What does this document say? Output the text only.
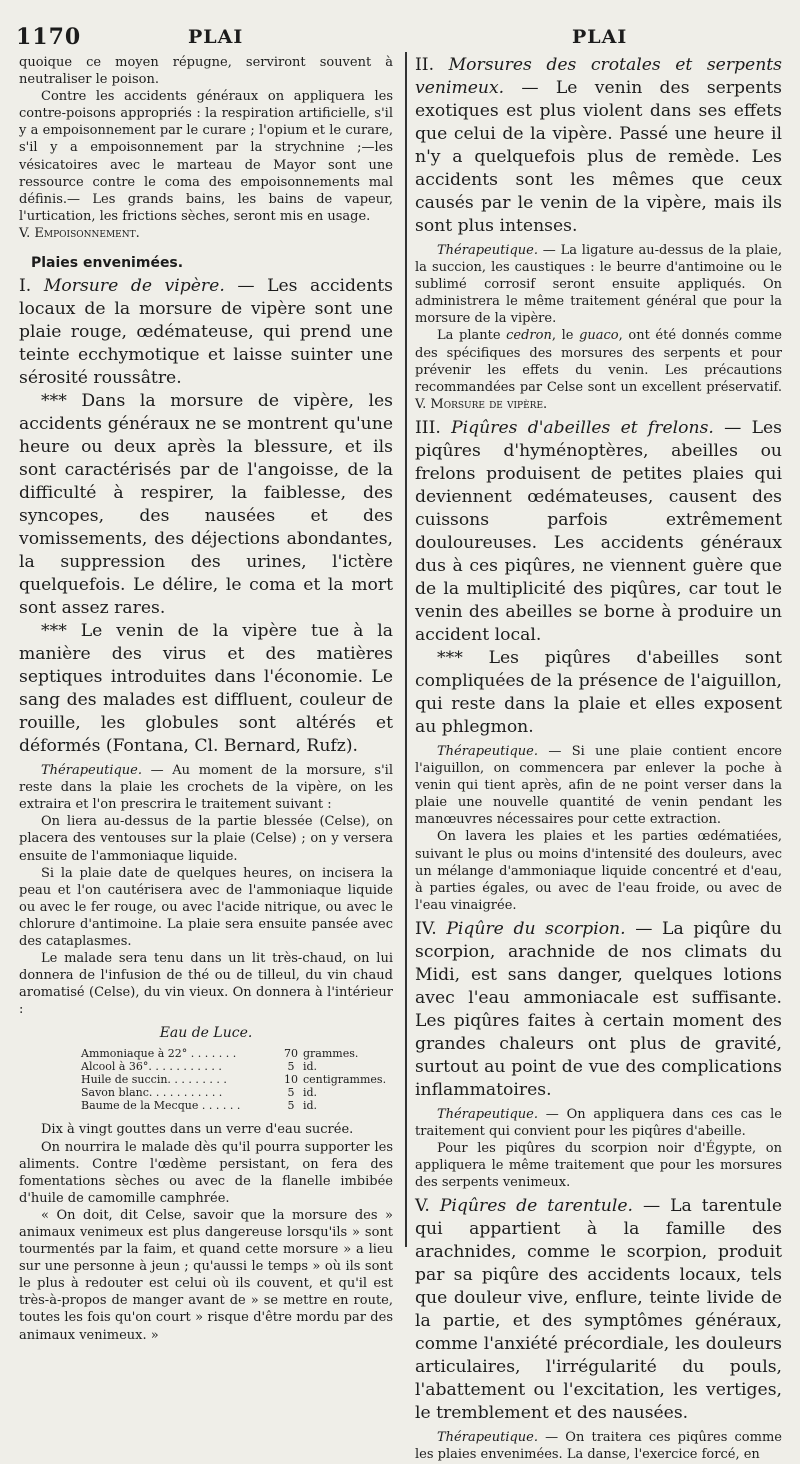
1170	PLAI	PLAI

quoique ce moyen répugne, serviront souvent à neutraliser le poison.

Contre les accidents généraux on appliquera les contre-poisons appropriés : la respiration artificielle, s'il y a empoisonnement par le curare ; l'opium et le curare, s'il y a empoisonnement par la strychnine ;—les vésicatoires avec le marteau de Mayor sont une ressource contre le coma des empoisonnements mal définis.— Les grands bains, les bains de vapeur, l'urtication, les frictions sèches, seront mis en usage.

V. Empoisonnement.

Plaies envenimées.

I. Morsure de vipère. — Les accidents locaux de la morsure de vipère sont une plaie rouge, œdémateuse, qui prend une teinte ecchymotique et laisse suinter une sérosité roussâtre.

*** Dans la morsure de vipère, les accidents généraux ne se montrent qu'une heure ou deux après la blessure, et ils sont caractérisés par de l'angoisse, de la difficulté à respirer, la faiblesse, des syncopes, des nausées et des vomissements, des déjections abondantes, la suppression des urines, l'ictère quelquefois. Le délire, le coma et la mort sont assez rares.

*** Le venin de la vipère tue à la manière des virus et des matières septiques introduites dans l'économie. Le sang des malades est diffluent, couleur de rouille, les globules sont altérés et déformés (Fontana, Cl. Bernard, Rufz).

Thérapeutique. — Au moment de la morsure, s'il reste dans la plaie les crochets de la vipère, on les extraira et l'on prescrira le traitement suivant :

On liera au-dessus de la partie blessée (Celse), on placera des ventouses sur la plaie (Celse) ; on y versera ensuite de l'ammoniaque liquide.

Si la plaie date de quelques heures, on incisera la peau et l'on cautérisera avec de l'ammoniaque liquide ou avec le fer rouge, ou avec l'acide nitrique, ou avec le chlorure d'antimoine. La plaie sera ensuite pansée avec des cataplasmes.

Le malade sera tenu dans un lit très-chaud, on lui donnera de l'infusion de thé ou de tilleul, du vin chaud aromatisé (Celse), du vin vieux. On donnera à l'intérieur :

Eau de Luce.
Ammoniaque à 22° . . . . . . .	70	grammes.
Alcool à 36°. . . . . . . . . . .	5	id.
Huile de succin. . . . . . . . .	10	centigrammes.
Savon blanc. . . . . . . . . . .	5	id.
Baume de la Mecque . . . . . .	5	id.

Dix à vingt gouttes dans un verre d'eau sucrée.

On nourrira le malade dès qu'il pourra supporter les aliments. Contre l'œdème persistant, on fera des fomentations sèches ou avec de la flanelle imbibée d'huile de camomille camphrée.

« On doit, dit Celse, savoir que la morsure des » animaux venimeux est plus dangereuse lorsqu'ils » sont tourmentés par la faim, et quand cette morsure » a lieu sur une personne à jeun ; qu'aussi le temps » où ils sont le plus à redouter est celui où ils couvent, et qu'il est très-à-propos de manger avant de » se mettre en route, toutes les fois qu'on court » risque d'être mordu par des animaux venimeux. »

II. Morsures des crotales et serpents venimeux. — Le venin des serpents exotiques est plus violent dans ses effets que celui de la vipère. Passé une heure il n'y a quelquefois plus de remède. Les accidents sont les mêmes que ceux causés par le venin de la vipère, mais ils sont plus intenses.

Thérapeutique. — La ligature au-dessus de la plaie, la succion, les caustiques : le beurre d'antimoine ou le sublimé corrosif seront ensuite appliqués. On administrera le même traitement général que pour la morsure de la vipère.

La plante cedron, le guaco, ont été donnés comme des spécifiques des morsures des serpents et pour prévenir les effets du venin. Les précautions recommandées par Celse sont un excellent préservatif. V. Morsure de vipère.

III. Piqûres d'abeilles et frelons. — Les piqûres d'hyménoptères, abeilles ou frelons produisent de petites plaies qui deviennent œdémateuses, causent des cuissons parfois extrêmement douloureuses. Les accidents généraux dus à ces piqûres, ne viennent guère que de la multiplicité des piqûres, car tout le venin des abeilles se borne à produire un accident local.

*** Les piqûres d'abeilles sont compliquées de la présence de l'aiguillon, qui reste dans la plaie et elles exposent au phlegmon.

Thérapeutique. — Si une plaie contient encore l'aiguillon, on commencera par enlever la poche à venin qui tient après, afin de ne point verser dans la plaie une nouvelle quantité de venin pendant les manœuvres nécessaires pour cette extraction.

On lavera les plaies et les parties œdématiées, suivant le plus ou moins d'intensité des douleurs, avec un mélange d'ammoniaque liquide concentré et d'eau, à parties égales, ou avec de l'eau froide, ou avec de l'eau vinaigrée.

IV. Piqûre du scorpion. — La piqûre du scorpion, arachnide de nos climats du Midi, est sans danger, quelques lotions avec l'eau ammoniacale est suffisante. Les piqûres faites à certain moment des grandes chaleurs ont plus de gravité, surtout au point de vue des complications inflammatoires.

Thérapeutique. — On appliquera dans ces cas le traitement qui convient pour les piqûres d'abeille.

Pour les piqûres du scorpion noir d'Égypte, on appliquera le même traitement que pour les morsures des serpents venimeux.

V. Piqûres de tarentule. — La tarentule qui appartient à la famille des arachnides, comme le scorpion, produit par sa piqûre des accidents locaux, tels que douleur vive, enflure, teinte livide de la partie, et des symptômes généraux, comme l'anxiété précordiale, les douleurs articulaires, l'irrégularité du pouls, l'abattement ou l'excitation, les vertiges, le tremblement et des nausées.

Thérapeutique. — On traitera ces piqûres comme les plaies envenimées. La danse, l'exercice forcé, en
